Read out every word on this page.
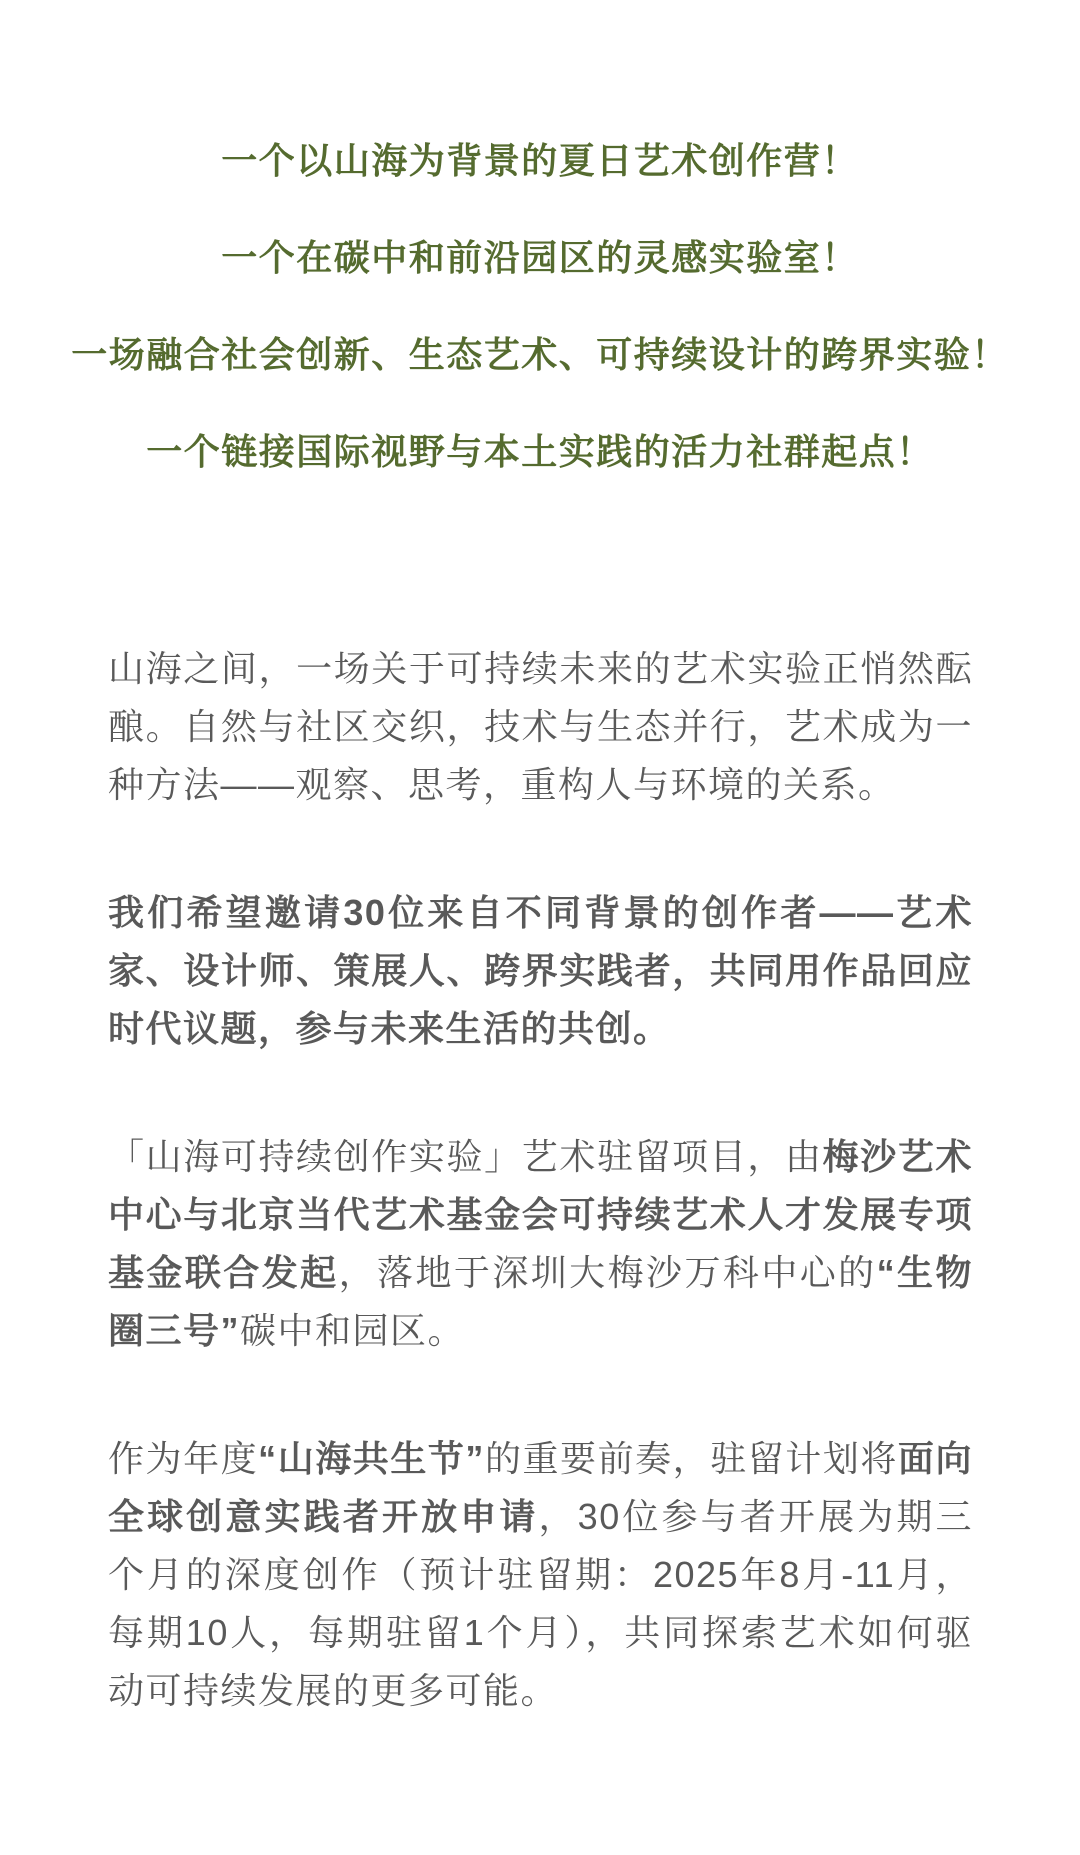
一个以山海为背景的夏日艺术创作营！

一个在碳中和前沿园区的灵感实验室！

一场融合社会创新、生态艺术、可持续设计的跨界实验！

一个链接国际视野与本土实践的活力社群起点！

山海之间，一场关于可持续未来的艺术实验正悄然酝酿。自然与社区交织，技术与生态并行，艺术成为一种方法——观察、思考，重构人与环境的关系。

我们希望邀请30位来自不同背景的创作者——艺术家、设计师、策展人、跨界实践者，共同用作品回应时代议题，参与未来生活的共创。

「山海可持续创作实验」艺术驻留项目，由梅沙艺术中心与北京当代艺术基金会可持续艺术人才发展专项基金联合发起，落地于深圳大梅沙万科中心的“生物圈三号”碳中和园区。

作为年度“山海共生节”的重要前奏，驻留计划将面向全球创意实践者开放申请，30位参与者开展为期三个月的深度创作（预计驻留期：2025年8月-11月，每期10人，每期驻留1个月），共同探索艺术如何驱动可持续发展的更多可能。
